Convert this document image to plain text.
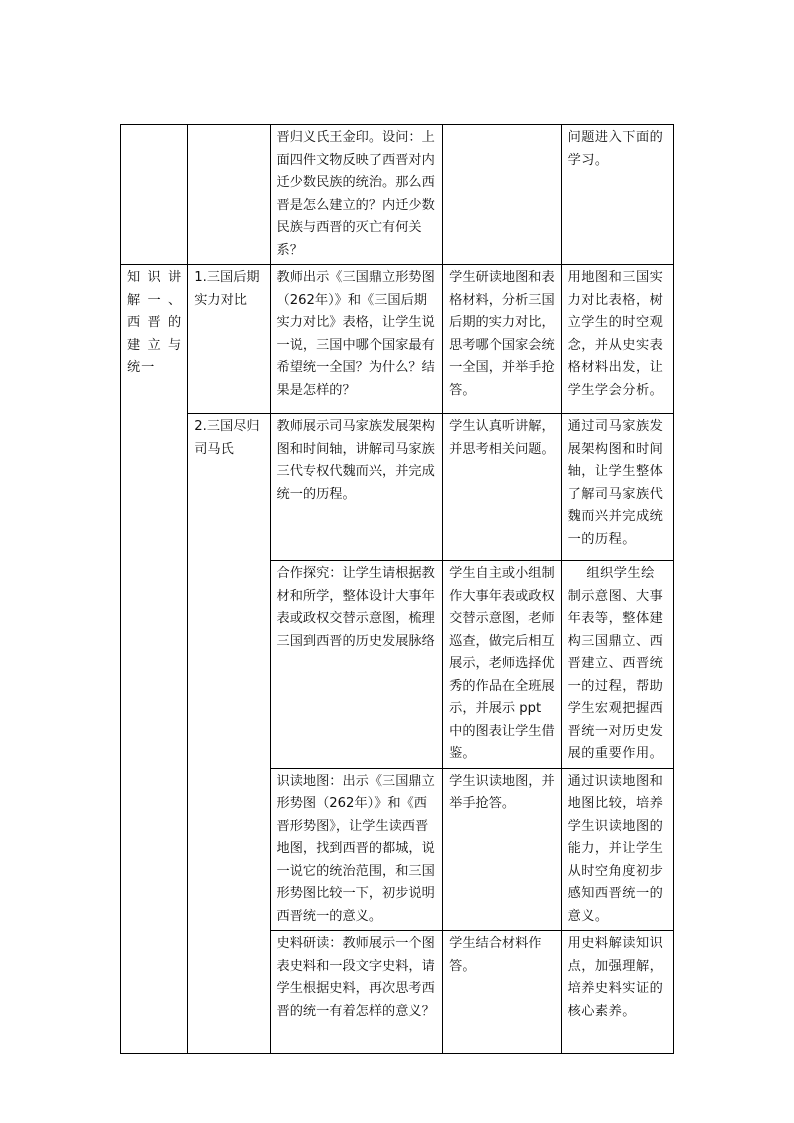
		晋归义氏王金印。设问：上面四件文物反映了西晋对内迁少数民族的统治。那么西晋是怎么建立的？内迁少数民族与西晋的灭亡有何关系？		问题进入下面的学习。

知识讲解一、西晋的建立与统一	1.三国后期实力对比	教师出示《三国鼎立形势图（262年）》和《三国后期实力对比》表格，让学生说一说，三国中哪个国家最有希望统一全国？为什么？结果是怎样的？	学生研读地图和表格材料，分析三国后期的实力对比，思考哪个国家会统一全国，并举手抢答。	用地图和三国实力对比表格，树立学生的时空观念，并从史实表格材料出发，让学生学会分析。

	2.三国尽归司马氏	教师展示司马家族发展架构图和时间轴，讲解司马家族三代专权代魏而兴，并完成统一的历程。	学生认真听讲解，并思考相关问题。	通过司马家族发展架构图和时间轴，让学生整体了解司马家族代魏而兴并完成统一的历程。

		合作探究：让学生请根据教材和所学，整体设计大事年表或政权交替示意图，梳理三国到西晋的历史发展脉络	学生自主或小组制作大事年表或政权交替示意图，老师巡查，做完后相互展示，老师选择优秀的作品在全班展示，并展示 ppt 中的图表让学生借鉴。	组织学生绘制示意图、大事年表等，整体建构三国鼎立、西晋建立、西晋统一的过程，帮助学生宏观把握西晋统一对历史发展的重要作用。

		识读地图：出示《三国鼎立形势图（262年）》和《西晋形势图》，让学生读西晋地图，找到西晋的都城，说一说它的统治范围，和三国形势图比较一下，初步说明西晋统一的意义。	学生识读地图，并举手抢答。	通过识读地图和地图比较，培养学生识读地图的能力，并让学生从时空角度初步感知西晋统一的意义。

		史料研读：教师展示一个图表史料和一段文字史料，请学生根据史料，再次思考西晋的统一有着怎样的意义？	学生结合材料作答。	用史料解读知识点，加强理解，培养史料实证的核心素养。
